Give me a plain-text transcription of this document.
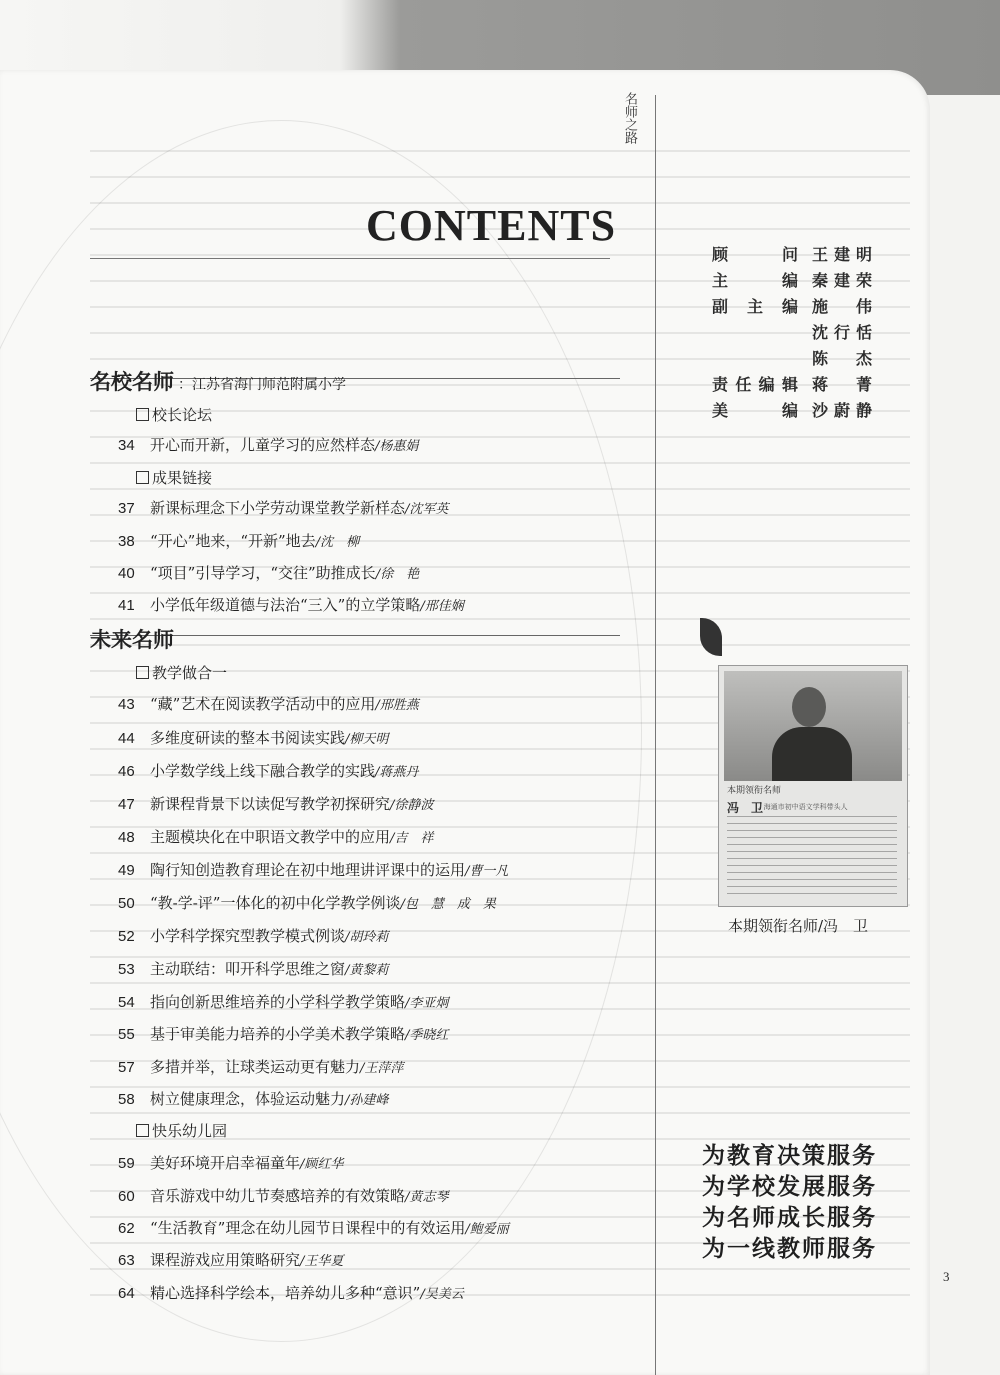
名师之路
CONTENTS
顾	问 王 建 明
主	编 秦 建 荣
副 主 编 施 伟
沈 行 恬
陈 杰
责 任 编 辑 蒋 菁
美	编 沙 蔚 静
名校名师 ：江苏省海门师范附属小学
校长论坛
34 开心而开新，儿童学习的应然样态/杨惠娟
成果链接
37 新课标理念下小学劳动课堂教学新样态/沈军英
38 “开心”地来，“开新”地去/沈　柳
40 “项目”引导学习，“交往”助推成长/徐　艳
41 小学低年级道德与法治“三入”的立学策略/邢佳娴
未来名师
教学做合一
43 “藏”艺术在阅读教学活动中的应用/邢胜燕
44 多维度研读的整本书阅读实践/柳天明
46 小学数学线上线下融合教学的实践/蒋燕丹
47 新课程背景下以读促写教学初探研究/徐静波
48 主题模块化在中职语文教学中的应用/吉　祥
49 陶行知创造教育理论在初中地理讲评课中的运用/曹一凡
50 “教-学-评”一体化的初中化学教学例谈/包　慧　成　果
52 小学科学探究型教学模式例谈/胡玲莉
53 主动联结：叩开科学思维之窗/黄黎莉
54 指向创新思维培养的小学科学教学策略/李亚炯
55 基于审美能力培养的小学美术教学策略/季晓红
57 多措并举，让球类运动更有魅力/王萍萍
58 树立健康理念，体验运动魅力/孙建峰
快乐幼儿园
59 美好环境开启幸福童年/顾红华
60 音乐游戏中幼儿节奏感培养的有效策略/黄志琴
62 “生活教育”理念在幼儿园节日课程中的有效运用/鲍爱丽
63 课程游戏应用策略研究/王华夏
64 精心选择科学绘本，培养幼儿多种“意识”/吴美云
本期领衔名师
冯　卫
/ 海通市初中语文学科带头人
本期领衔名师/冯　卫
为教育决策服务
为学校发展服务
为名师成长服务
为一线教师服务
3
